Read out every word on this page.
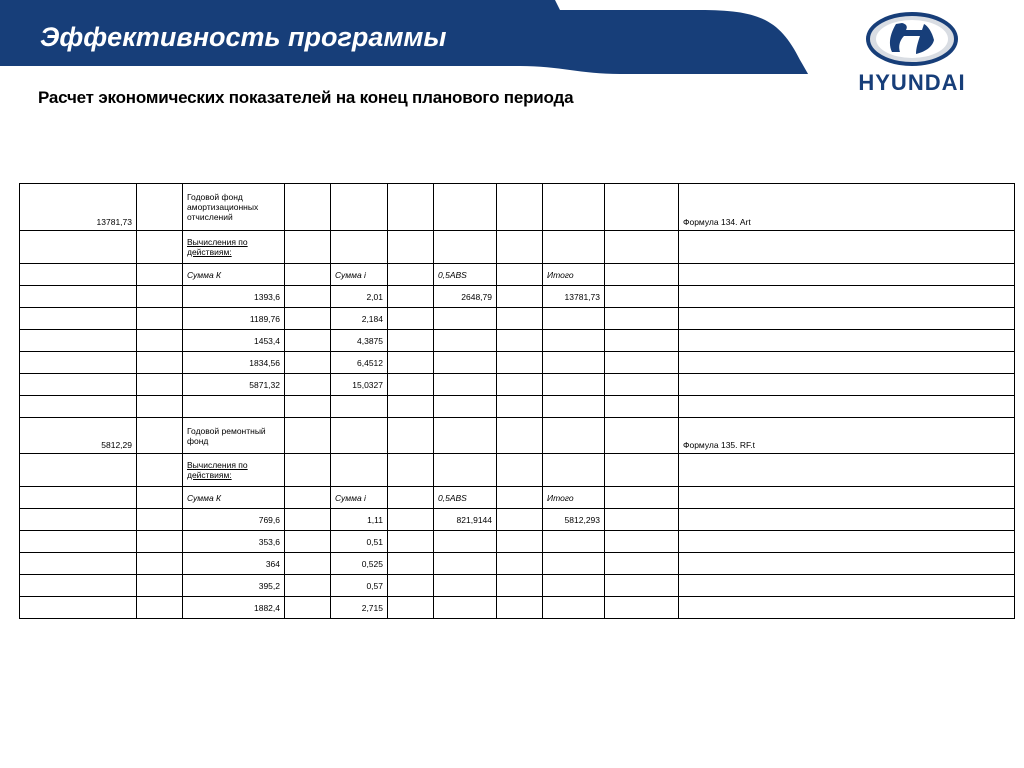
Эффективность программы
HYUNDAI
Расчет экономических показателей на конец планового периода
13781,73		Годовой фонд амортизационных отчислений								Формула 134. Art
		Вычисления по действиям:								
		Сумма К		Сумма i		0,5ABS		Итого		
		1393,6		2,01		2648,79		13781,73		
		1189,76		2,184						
		1453,4		4,3875						
		1834,56		6,4512						
		5871,32		15,0327						

5812,29		Годовой ремонтный фонд								Формула 135. RF.t
		Вычисления по действиям:								
		Сумма К		Сумма i		0,5ABS		Итого		
		769,6		1,11		821,9144		5812,293		
		353,6		0,51						
		364		0,525						
		395,2		0,57						
		1882,4		2,715						
